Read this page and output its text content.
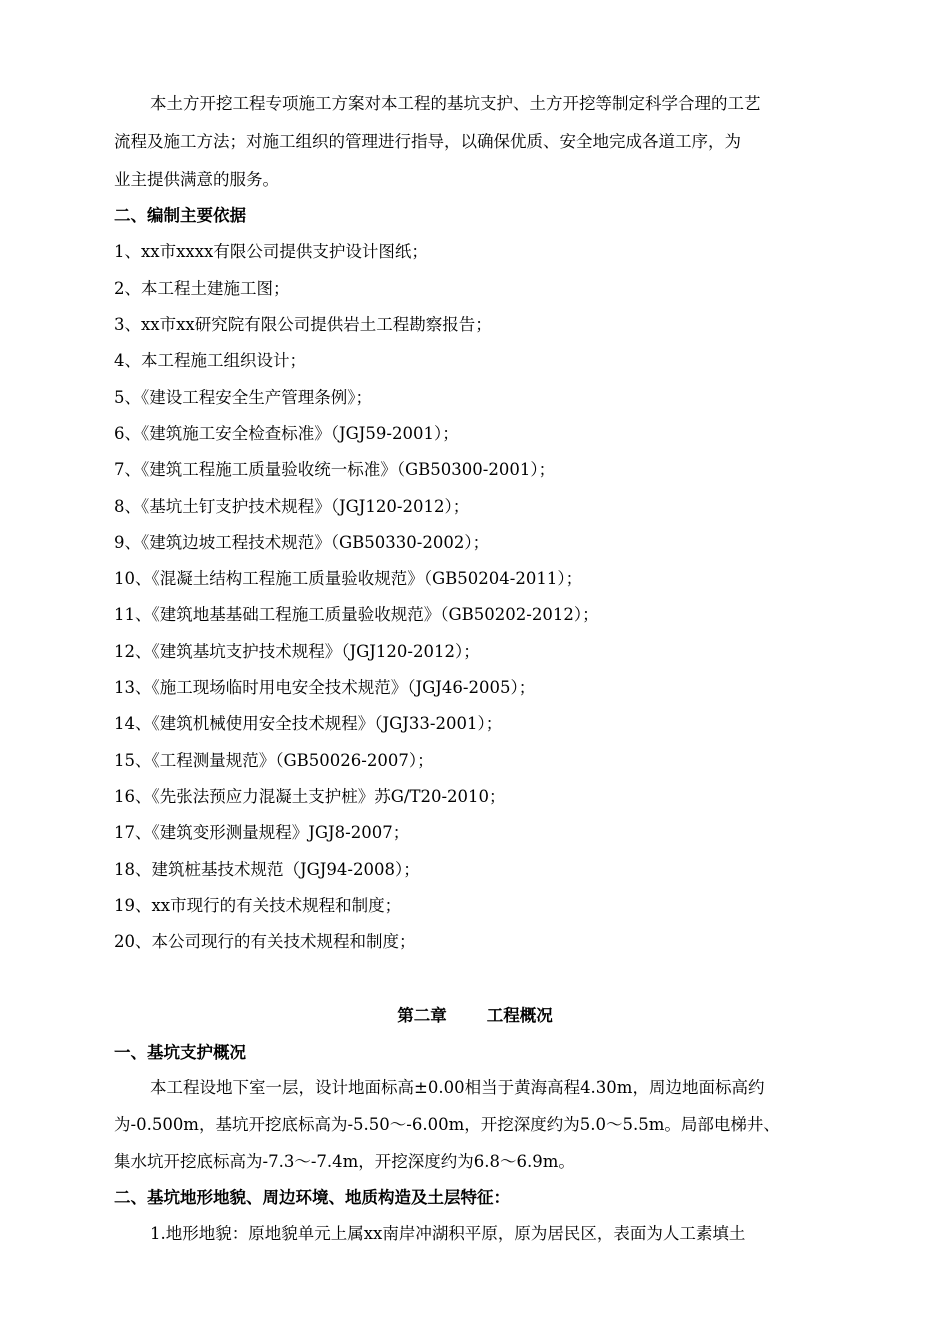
本土方开挖工程专项施工方案对本工程的基坑支护、土方开挖等制定科学合理的工艺
流程及施工方法；对施工组织的管理进行指导，以确保优质、安全地完成各道工序，为
业主提供满意的服务。
二、编制主要依据
1、xx市xxxx有限公司提供支护设计图纸；
2、本工程土建施工图；
3、xx市xx研究院有限公司提供岩土工程勘察报告；
4、本工程施工组织设计；
5、《建设工程安全生产管理条例》；
6、《建筑施工安全检查标准》（JGJ59-2001）；
7、《建筑工程施工质量验收统一标准》（GB50300-2001）；
8、《基坑土钉支护技术规程》（JGJ120-2012）；
9、《建筑边坡工程技术规范》（GB50330-2002）；
10、《混凝土结构工程施工质量验收规范》（GB50204-2011）；
11、《建筑地基基础工程施工质量验收规范》（GB50202-2012）；
12、《建筑基坑支护技术规程》（JGJ120-2012）；
13、《施工现场临时用电安全技术规范》（JGJ46-2005）；
14、《建筑机械使用安全技术规程》（JGJ33-2001）；
15、《工程测量规范》（GB50026-2007）；
16、《先张法预应力混凝土支护桩》苏G/T20-2010；
17、《建筑变形测量规程》JGJ8-2007；
18、建筑桩基技术规范（JGJ94-2008）；
19、xx市现行的有关技术规程和制度；
20、本公司现行的有关技术规程和制度；
第二章 工程概况
一、基坑支护概况
本工程设地下室一层，设计地面标高±0.00相当于黄海高程4.30m，周边地面标高约
为-0.500m，基坑开挖底标高为-5.50～-6.00m，开挖深度约为5.0～5.5m。局部电梯井、
集水坑开挖底标高为-7.3～-7.4m，开挖深度约为6.8～6.9m。
二、基坑地形地貌、周边环境、地质构造及土层特征：
1.地形地貌：原地貌单元上属xx南岸冲湖积平原，原为居民区，表面为人工素填土
